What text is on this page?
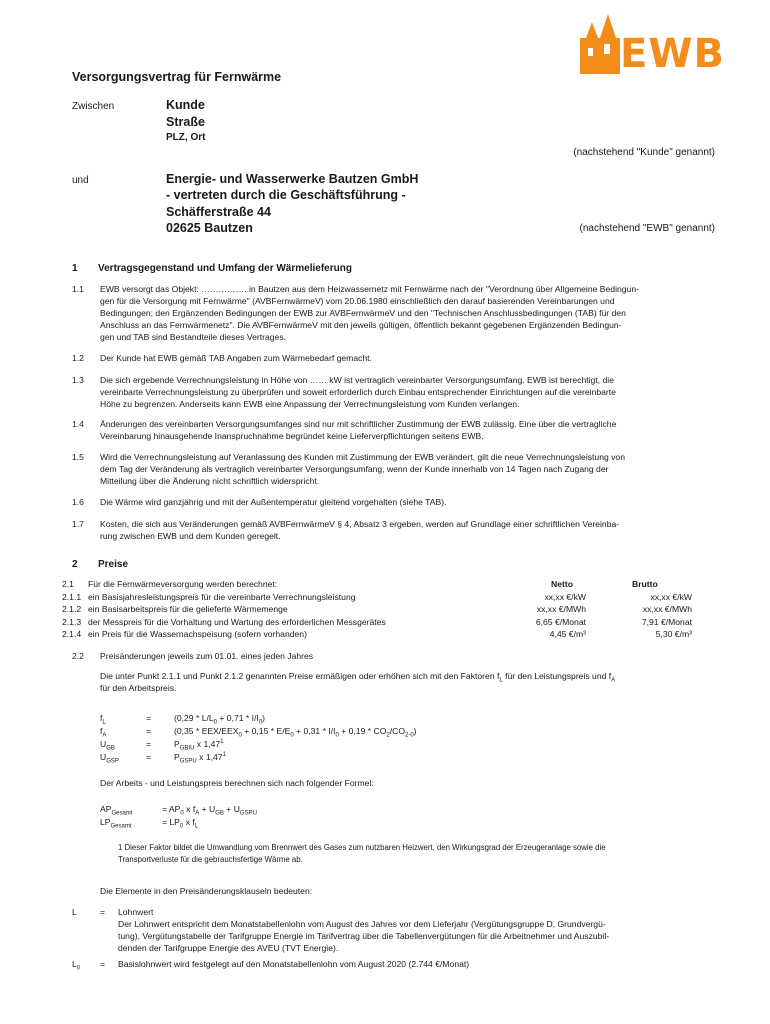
EWB
Versorgungsvertrag für Fernwärme
Zwischen	Kunde
Straße
PLZ, Ort
(nachstehend "Kunde" genannt)
und	Energie- und Wasserwerke Bautzen GmbH
- vertreten durch die Geschäftsführung -
Schäfferstraße 44
02625 Bautzen	(nachstehend "EWB" genannt)
1 Vertragsgegenstand und Umfang der Wärmelieferung
1.1 EWB versorgt das Objekt: ……………. in Bautzen aus dem Heizwassernetz mit Fernwärme nach der "Verordnung über Allgemeine Bedingun-
gen für die Versorgung mit Fernwärme" (AVBFernwärmeV) vom 20.06.1980 einschließlich den darauf basierenden Vereinbarungen und
Bedingungen; den Ergänzenden Bedingungen der EWB zur AVBFernwärmeV und den "Technischen Anschlussbedingungen (TAB) für den
Anschluss an das Fernwärmenetz". Die AVBFernwärmeV mit den jeweils gültigen, öffentlich bekannt gegebenen Ergänzenden Bedingun-
gen und TAB sind Bestandteile dieses Vertrages.
1.2 Der Kunde hat EWB gemäß TAB Angaben zum Wärmebedarf gemacht.
1.3 Die sich ergebende Verrechnungsleistung in Höhe von …… kW ist vertraglich vereinbarter Versorgungsumfang. EWB ist berechtigt, die
vereinbarte Verrechnungsleistung zu überprüfen und soweit erforderlich durch Einbau entsprechender Einrichtungen auf die vereinbarte
Höhe zu begrenzen. Anderseits kann EWB eine Anpassung der Verrechnungsleistung vom Kunden verlangen.
1.4 Änderungen des vereinbarten Versorgungsumfanges sind nur mit schriftlicher Zustimmung der EWB zulässig. Eine über die vertragliche
Vereinbarung hinausgehende Inanspruchnahme begründet keine Lieferverpflichtungen seitens EWB.
1.5 Wird die Verrechnungsleistung auf Veranlassung des Kunden mit Zustimmung der EWB verändert, gilt die neue Verrechnungsleistung von
dem Tag der Veränderung als vertraglich vereinbarter Versorgungsumfang, wenn der Kunde innerhalb von 14 Tagen nach Zugang der
Mitteilung über die Änderung nicht schriftlich widerspricht.
1.6 Die Wärme wird ganzjährig und mit der Außentemperatur gleitend vorgehalten (siehe TAB).
1.7 Kosten, die sich aus Veränderungen gemäß AVBFernwärmeV § 4, Absatz 3 ergeben, werden auf Grundlage einer schriftlichen Vereinba-
rung zwischen EWB und dem Kunden geregelt.
2 Preise
Netto	Brutto
2.1 Für die Fernwärmeversorgung werden berechnet:
2.1.1 ein Basisjahresleistungspreis für die vereinbarte Verrechnungsleistung	xx,xx €/kW	xx,xx €/kW
2.1.2 ein Basisarbeitspreis für die gelieferte Wärmemenge	xx,xx €/MWh	xx,xx €/MWh
2.1.3 der Messpreis für die Vorhaltung und Wartung des erforderlichen Messgerätes	6,65 €/Monat	7,91 €/Monat
2.1.4 ein Preis für die Wassernachspeisung (sofern vorhanden)	4,45 €/m³	5,30 €/m³
2.2 Preisänderungen jeweils zum 01.01. eines jeden Jahres
Die unter Punkt 2.1.1 und Punkt 2.1.2 genannten Preise ermäßigen oder erhöhen sich mit den Faktoren $f_L$ für den Leistungspreis und $f_A$
für den Arbeitspreis.
$f_L$	=	$(0,29 * L/L_0 + 0,71 * I/I_0)$
$f_A$	=	(0,35 * EEX/$EEX_0 + 0,15 * E/E_0 + 0,31 * I/I_0 + 0,19 * CO_2/CO_{2-0}$)
$U_{GB}$	=	$P_{GBIU}$ x 1,47$^1$
$U_{GSP}$	=	$P_{GSPU}$ x 1,47$^1$
Der Arbeits - und Leistungspreis berechnen sich nach folgender Formel:
$AP_{Gesamt}$	= $AP_0$ x $f_A + U_{GB} + U_{GSPU}$
$LP_{Gesamt}$	= $LP_0$ x $f_L$
1 Dieser Faktor bildet die Umwandlung vom Brennwert des Gases zum nutzbaren Heizwert, den Wirkungsgrad der Erzeugeranlage sowie die
Transportverluste für die gebrauchsfertige Wärme ab.
Die Elemente in den Preisänderungsklauseln bedeuten:
L	= Lohnwert
Der Lohnwert entspricht dem Monatstabellenlohn vom August des Jahres vor dem Lieferjahr (Vergütungsgruppe D, Grundvergü-
tung), Vergütungstabelle der Tarifgruppe Energie im Tarifvertrag über die Tabellenvergütungen für die Arbeitnehmer und Auszubil-
denden der Tarifgruppe Energie des AVEU (TVT Energie).
$L_0$ = Basislohnwert wird festgelegt auf den Monatstabellenlohn vom August 2020 (2.744 €/Monat)
